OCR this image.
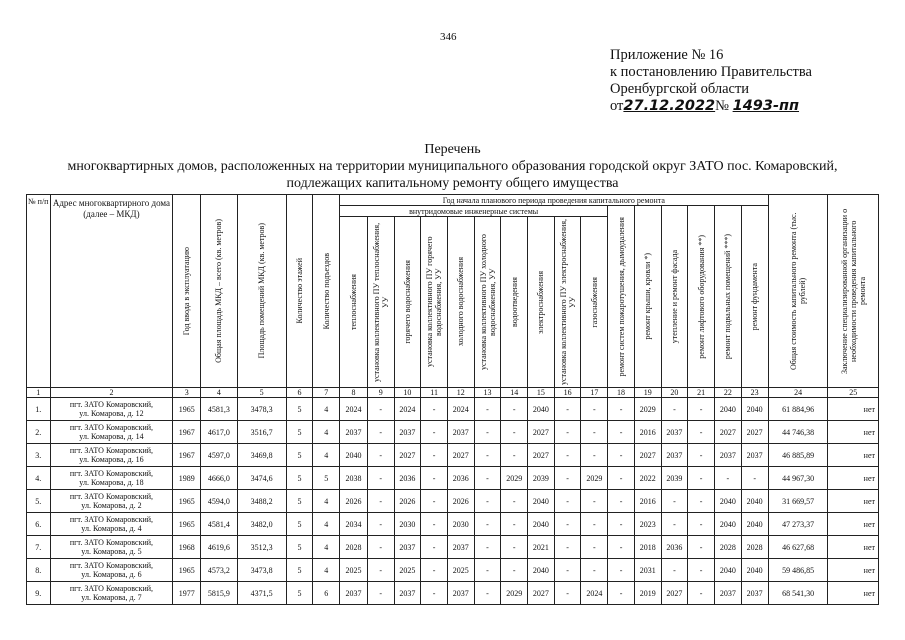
346
Приложение № 16
к постановлению Правительства
Оренбургской области
от27.12.2022№ 1493-пп
Перечень
многоквартирных домов, расположенных на территории муниципального образования городской округ ЗАТО пос. Комаровский,
подлежащих капитальному ремонту общего имущества
№ п/п	Адрес многоквартирного дома (далее – МКД)	Год ввода в эксплуатацию	Общая площадь МКД – всего (кв. метров)	Площадь помещений МКД (кв. метров)	Количество этажей	Количество подъездов	Год начала планового периода проведения капитального ремонта																Общая стоимость капитального ремонта (тыс. рублей)	Заключение специализированной организации о необходимости проведения капитального ремонта

							внутридомовые инженерные системы										ремонт систем пожаротушения, дымоудаления	ремонт крыши, кровли *)	утепление и ремонт фасада	ремонт лифтового оборудования **)	ремонт подвальных помещений ***)	ремонт фундамента		

							теплоснабжения	установка коллективного ПУ теплоснабжения, УУ	горячего водоснабжения	установка коллективного ПУ горячего водоснабжения, УУ	холодного водоснабжения	установка коллективного ПУ холодного водоснабжения, УУ	водоотведения	электроснабжения	установка коллективного ПУ электроснабжения, УУ	газоснабжения								

1	2	3	4	5	6	7	8	9	10	11	12	13	14	15	16	17	18	19	20	21	22	23	24	25
1.	пгт. ЗАТО Комаровский,
ул. Комарова, д. 12	1965	4581,3	3478,3	5	4	2024	-	2024	-	2024	-	-	2040	-	-	-	2029	-	-	2040	2040	61 884,96	нет
2.	пгт. ЗАТО Комаровский,
ул. Комарова, д. 14	1967	4617,0	3516,7	5	4	2037	-	2037	-	2037	-	-	2027	-	-	-	2016	2037	-	2027	2027	44 746,38	нет
3.	пгт. ЗАТО Комаровский,
ул. Комарова, д. 16	1967	4597,0	3469,8	5	4	2040	-	2027	-	2027	-	-	2027	-	-	-	2027	2037	-	2037	2037	46 885,89	нет
4.	пгт. ЗАТО Комаровский,
ул. Комарова, д. 18	1989	4666,0	3474,6	5	5	2038	-	2036	-	2036	-	2029	2039	-	2029	-	2022	2039	-	-	-	44 967,30	нет
5.	пгт. ЗАТО Комаровский,
ул. Комарова, д. 2	1965	4594,0	3488,2	5	4	2026	-	2026	-	2026	-	-	2040	-	-	-	2016	-	-	2040	2040	31 669,57	нет
6.	пгт. ЗАТО Комаровский,
ул. Комарова, д. 4	1965	4581,4	3482,0	5	4	2034	-	2030	-	2030	-	-	2040	-	-	-	2023	-	-	2040	2040	47 273,37	нет
7.	пгт. ЗАТО Комаровский,
ул. Комарова, д. 5	1968	4619,6	3512,3	5	4	2028	-	2037	-	2037	-	-	2021	-	-	-	2018	2036	-	2028	2028	46 627,68	нет
8.	пгт. ЗАТО Комаровский,
ул. Комарова, д. 6	1965	4573,2	3473,8	5	4	2025	-	2025	-	2025	-	-	2040	-	-	-	2031	-	-	2040	2040	59 486,85	нет
9.	пгт. ЗАТО Комаровский,
ул. Комарова, д. 7	1977	5815,9	4371,5	5	6	2037	-	2037	-	2037	-	2029	2027	-	2024	-	2019	2027	-	2037	2037	68 541,30	нет
